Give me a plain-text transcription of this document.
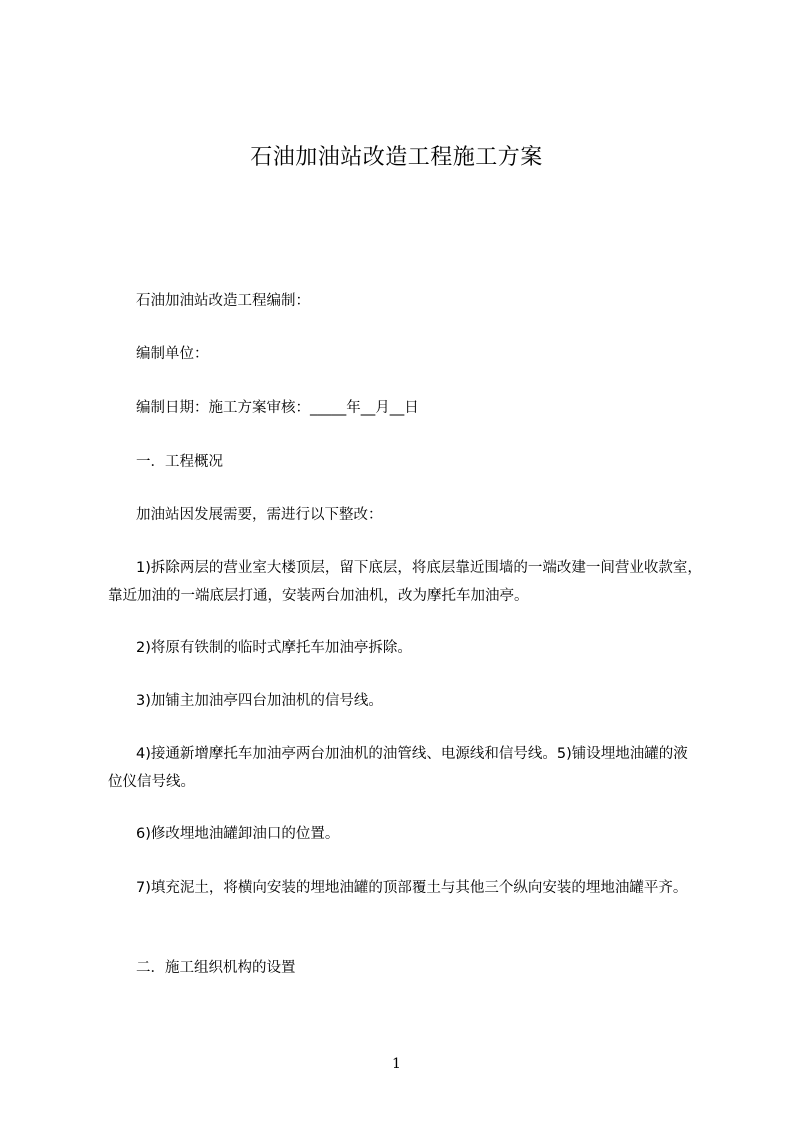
石油加油站改造工程施工方案
石油加油站改造工程编制：
编制单位：
编制日期：施工方案审核：_____年__月__日
一．工程概况
加油站因发展需要，需进行以下整改：
1)拆除两层的营业室大楼顶层，留下底层，将底层靠近围墙的一端改建一间营业收款室，靠近加油的一端底层打通，安装两台加油机，改为摩托车加油亭。
2)将原有铁制的临时式摩托车加油亭拆除。
3)加铺主加油亭四台加油机的信号线。
4)接通新增摩托车加油亭两台加油机的油管线、电源线和信号线。5)铺设埋地油罐的液位仪信号线。
6)修改埋地油罐卸油口的位置。
7)填充泥土，将横向安装的埋地油罐的顶部覆土与其他三个纵向安装的埋地油罐平齐。
二．施工组织机构的设置
1
